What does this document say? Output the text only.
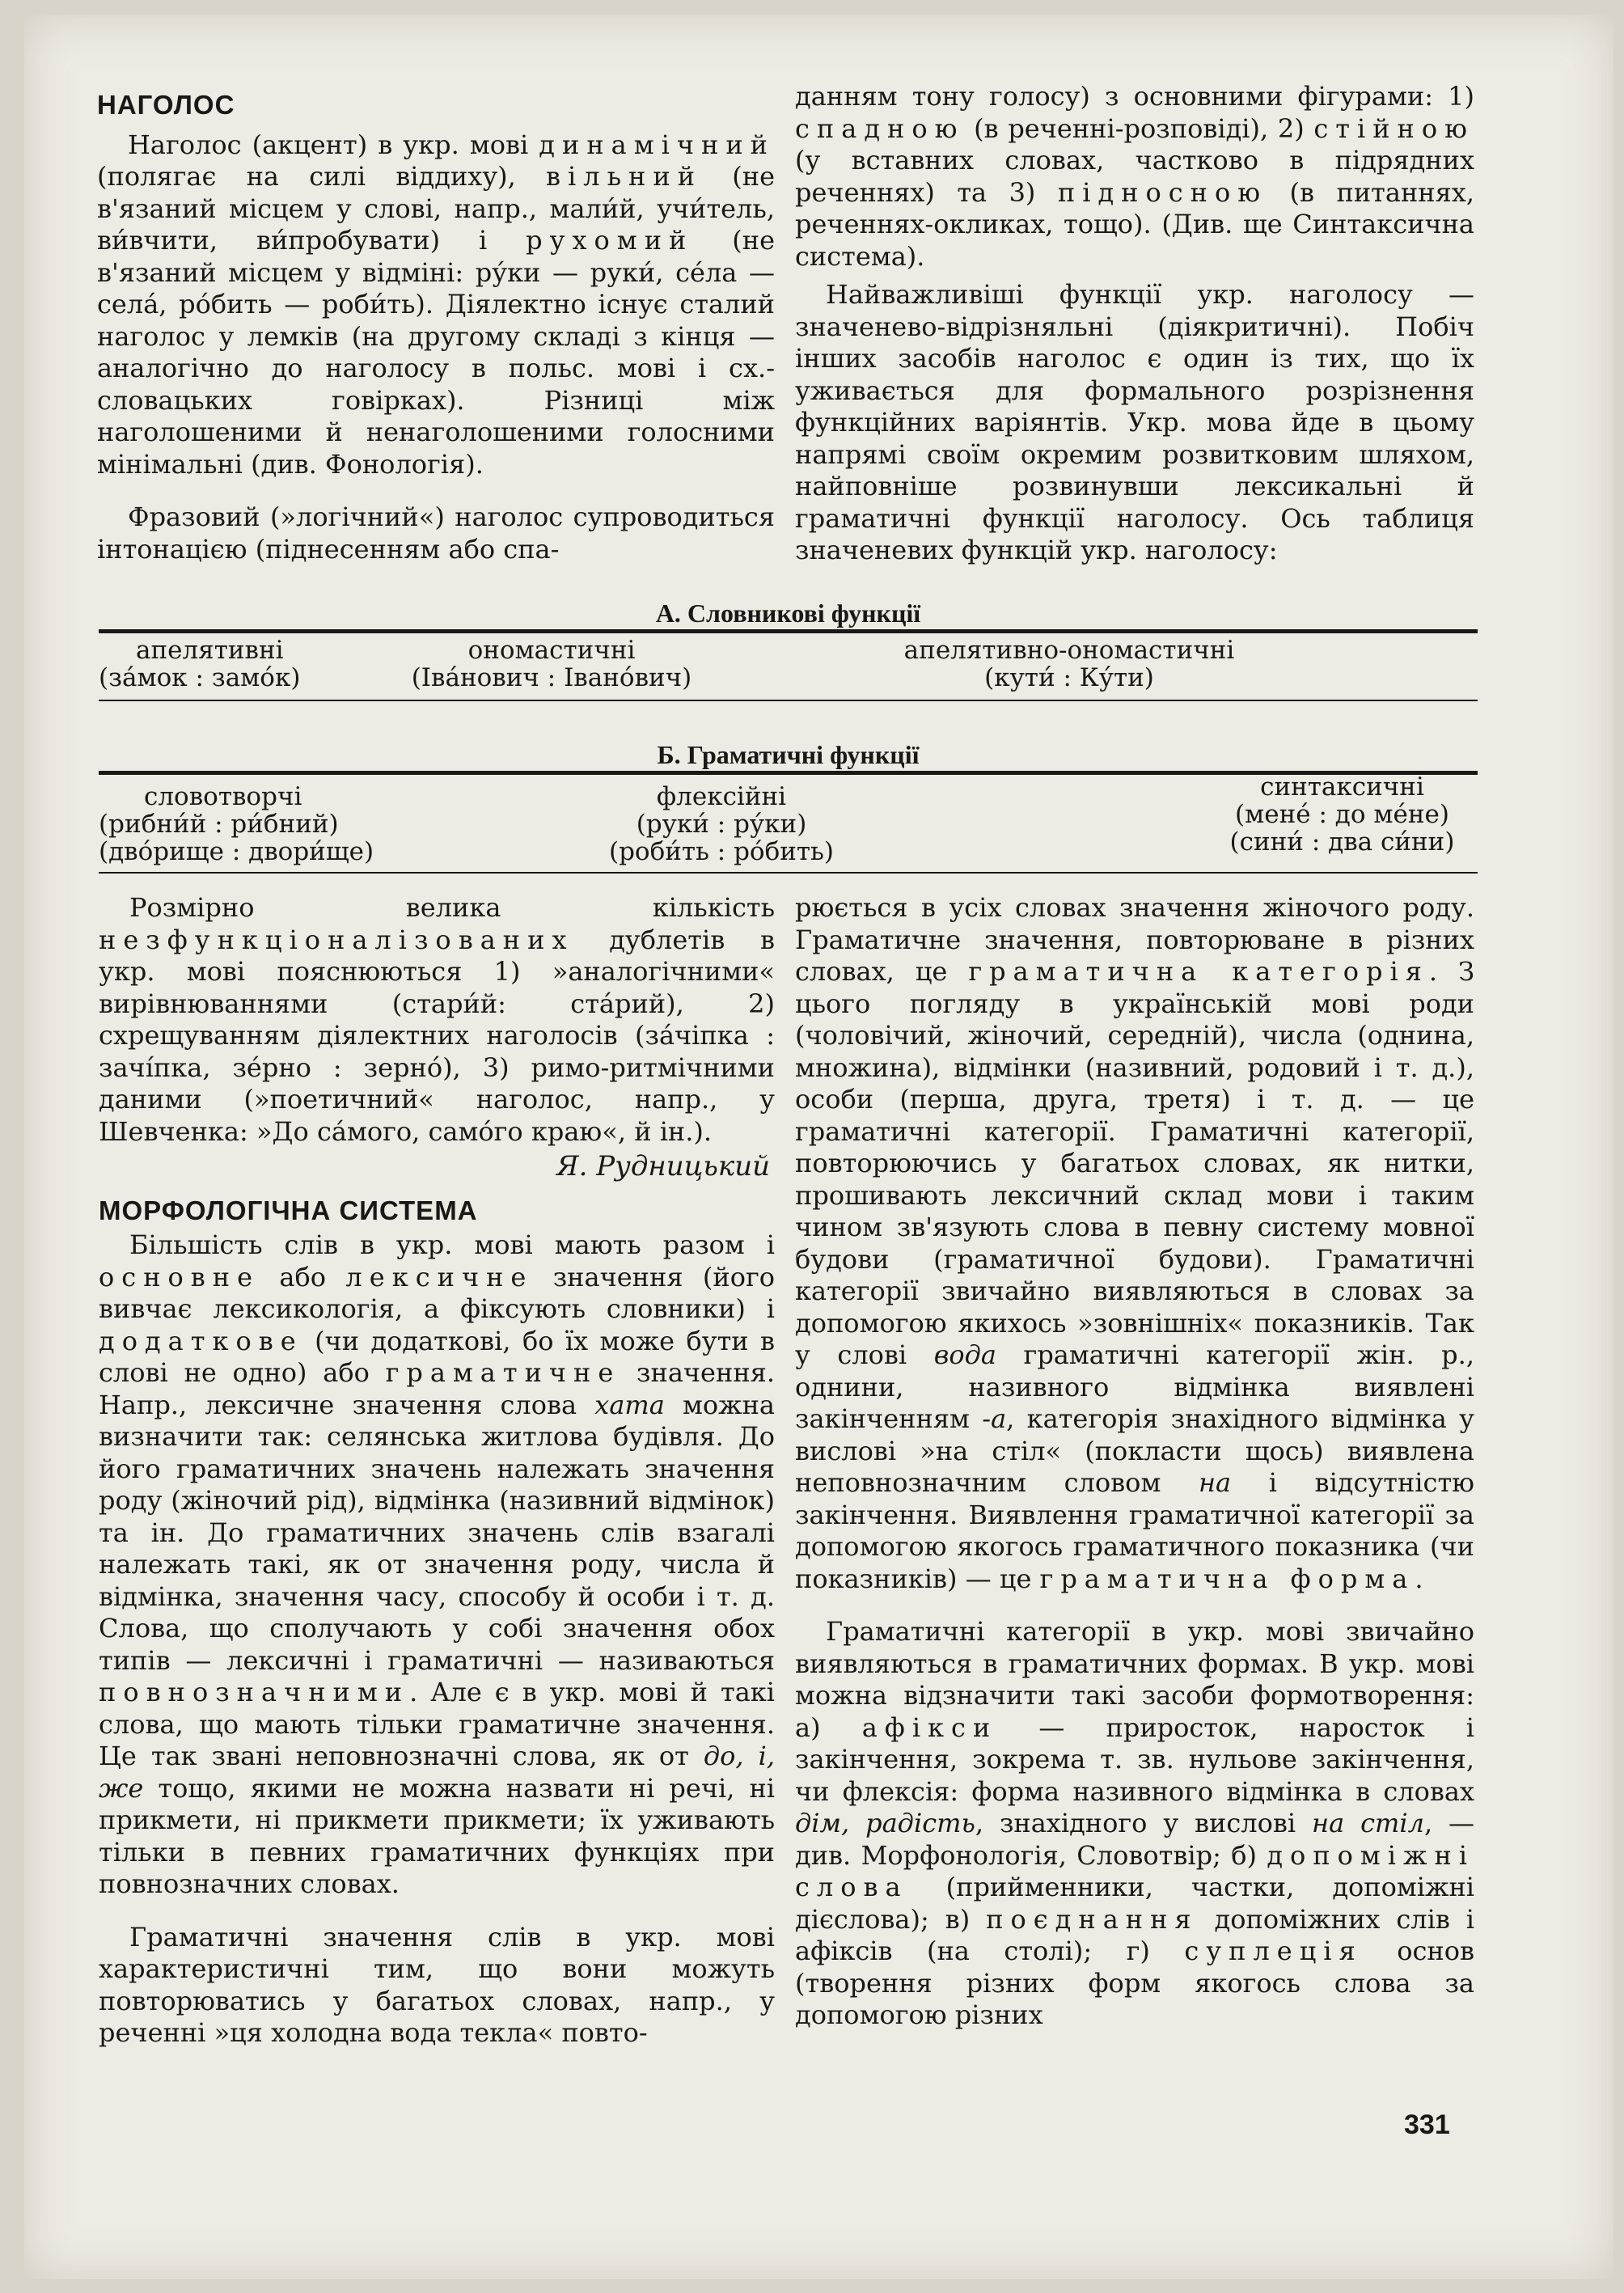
НАГОЛОС

Наголос (акцент) в укр. мові динамічний (полягає на силі віддиху), вільний (не в'язаний місцем у слові, напр., мали́й, учи́тель, ви́вчити, ви́пробувати) і рухомий (не в'язаний місцем у відміні: ру́ки — руки́, се́ла — села́, ро́бить — роби́ть). Діялектно існує сталий наголос у лемків (на другому складі з кінця — аналогічно до наголосу в польс. мові і сх.-словацьких говірках). Різниці між наголошеними й ненаголошеними голосними мінімальні (див. Фонологія).

Фразовий (»логічний«) наголос супроводиться інтонацією (піднесенням або спа-

данням тону голосу) з основними фігурами: 1) спадною (в реченні-розповіді), 2) стійною (у вставних словах, частково в підрядних реченнях) та 3) підносною (в питаннях, реченнях-окликах, тощо). (Див. ще Синтаксична система).

Найважливіші функції укр. наголосу — значенево-відрізняльні (діякритичні). Побіч інших засобів наголос є один із тих, що їх уживається для формального розрізнення функційних варіянтів. Укр. мова йде в цьому напрямі своїм окремим розвитковим шляхом, найповніше розвинувши лексикальні й граматичні функції наголосу. Ось таблиця значеневих функцій укр. наголосу:

А. Словникові функції
апелятивні
(за́мок : замо́к)
ономастичні
(Іва́нович : Івано́вич)
апелятивно-ономастичні
(кути́ : Ку́ти)
Б. Граматичні функції
словотворчі
(рибни́й : ри́бний)
(дво́рище : двори́ще)
флексійні
(руки́ : ру́ки)
(роби́ть : ро́бить)
синтаксичні
(мене́ : до ме́не)
(сини́ : два си́ни)

Розмірно велика кількість незфункціоналізованих дублетів в укр. мові пояснюються 1) »аналогічними« вирівнюваннями (стари́й: ста́рий), 2) схрещуванням діялектних наголосів (за́чіпка : зачі́пка, зе́рно : зерно́), 3) римо-ритмічними даними (»поетичний« наголос, напр., у Шевченка: »До са́мого, само́го краю«, й ін.).

Я. Рудницький

МОРФОЛОГІЧНА СИСТЕМА

Більшість слів в укр. мові мають разом і основне або лексичне значення (його вивчає лексикологія, а фіксують словники) і додаткове (чи додаткові, бо їх може бути в слові не одно) або граматичне значення. Напр., лексичне значення слова хата можна визначити так: селянська житлова будівля. До його граматичних значень належать значення роду (жіночий рід), відмінка (називний відмінок) та ін. До граматичних значень слів взагалі належать такі, як от значення роду, числа й відмінка, значення часу, способу й особи і т. д. Слова, що сполучають у собі значення обох типів — лексичні і граматичні — називаються повнозначними. Але є в укр. мові й такі слова, що мають тільки граматичне значення. Це так звані неповнозначні слова, як от до, і, же тощо, якими не можна назвати ні речі, ні прикмети, ні прикмети прикмети; їх уживають тільки в певних граматичних функціях при повнозначних словах.

Граматичні значення слів в укр. мові характеристичні тим, що вони можуть повторюватись у багатьох словах, напр., у реченні »ця холодна вода текла« повто-

рюється в усіх словах значення жіночого роду. Граматичне значення, повторюване в різних словах, це граматична категорія. З цього погляду в українській мові роди (чоловічий, жіночий, середній), числа (однина, множина), відмінки (називний, родовий і т. д.), особи (перша, друга, третя) і т. д. — це граматичні категорії. Граматичні категорії, повторюючись у багатьох словах, як нитки, прошивають лексичний склад мови і таким чином зв'язують слова в певну систему мовної будови (граматичної будови). Граматичні категорії звичайно виявляються в словах за допомогою якихось »зовнішніх« показників. Так у слові вода граматичні категорії жін. р., однини, називного відмінка виявлені закінченням -а, категорія знахідного відмінка у вислові »на стіл« (покласти щось) виявлена неповнозначним словом на і відсутністю закінчення. Виявлення граматичної категорії за допомогою якогось граматичного показника (чи показників) — це граматична форма.

Граматичні категорії в укр. мові звичайно виявляються в граматичних формах. В укр. мові можна відзначити такі засоби формотворення: а) афікси — приросток, наросток і закінчення, зокрема т. зв. нульове закінчення, чи флексія: форма називного відмінка в словах дім, радість, знахідного у вислові на стіл, — див. Морфонологія, Словотвір; б) допоміжні слова (прийменники, частки, допоміжні дієслова); в) поєднання допоміжних слів і афіксів (на столі); г) суплеція основ (творення різних форм якогось слова за допомогою різних

331
